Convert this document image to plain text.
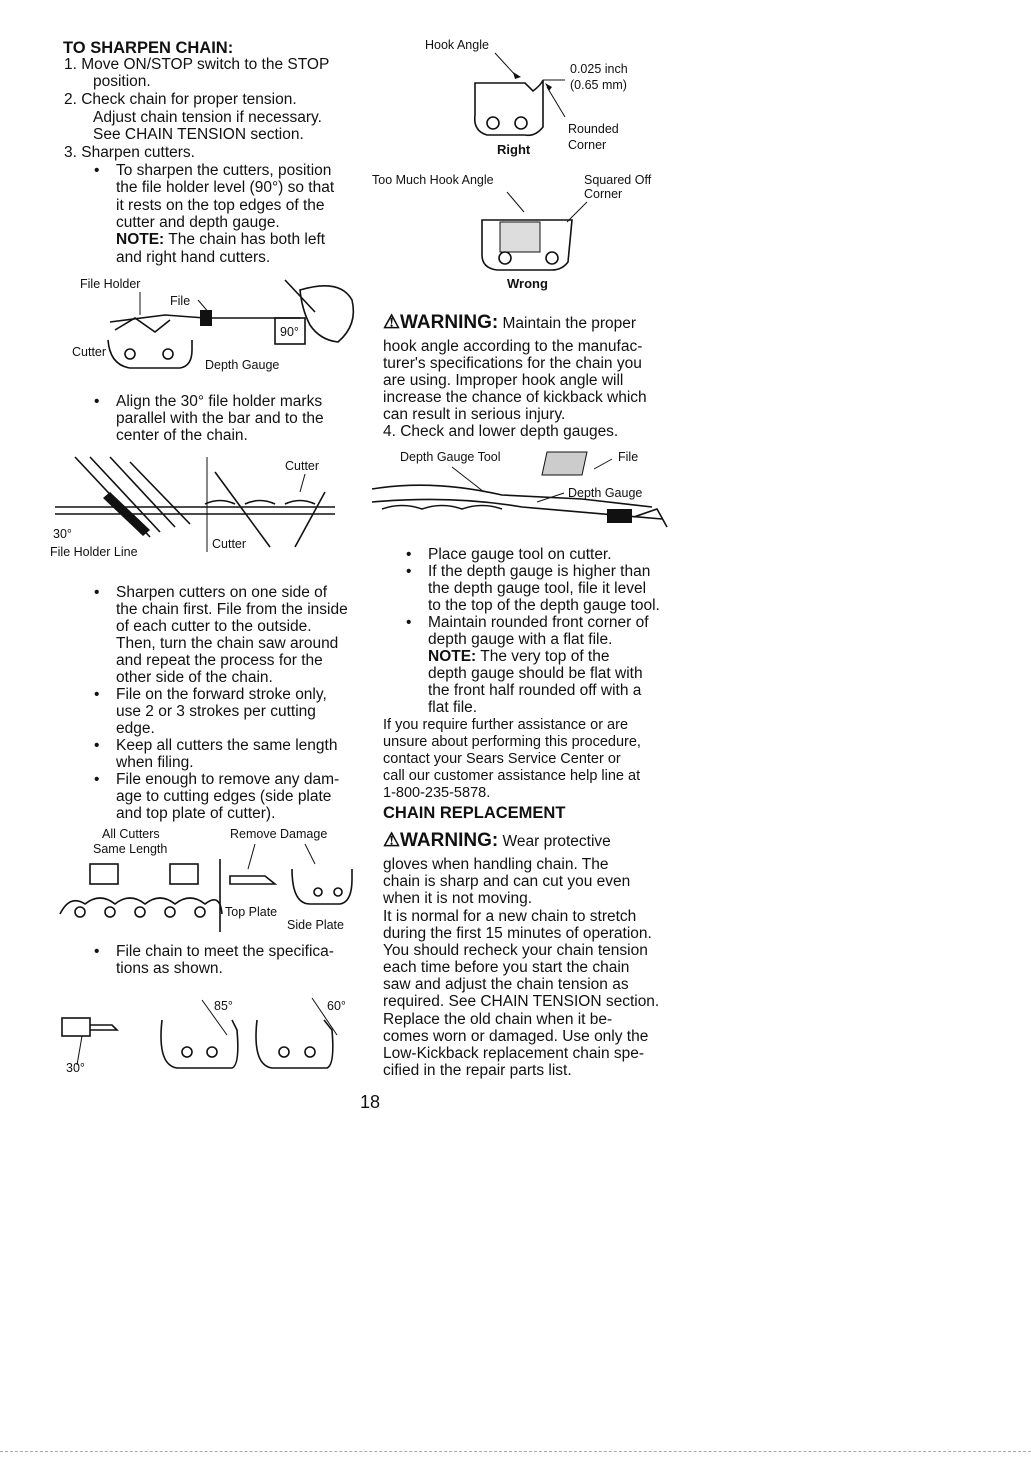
TO SHARPEN CHAIN:
1. Move ON/STOP switch to the STOP
position.
2. Check chain for proper tension.
Adjust chain tension if necessary.
See CHAIN TENSION section.
3. Sharpen cutters.
• To sharpen the cutters, position
the file holder level (90°) so that
it rests on the top edges of the
cutter and depth gauge.
NOTE: The chain has both left
and right hand cutters.
File Holder
File
Cutter
Depth Gauge
90°
• Align the 30° file holder marks
parallel with the bar and to the
center of the chain.
Cutter
30°
Cutter
File Holder Line
• Sharpen cutters on one side of
the chain first. File from the inside
of each cutter to the outside.
Then, turn the chain saw around
and repeat the process for the
other side of the chain.
• File on the forward stroke only,
use 2 or 3 strokes per cutting
edge.
• Keep all cutters the same length
when filing.
• File enough to remove any dam-
age to cutting edges (side plate
and top plate of cutter).
All Cutters
Same Length
Remove Damage
Top Plate
Side Plate
• File chain to meet the specifica-
tions as shown.
30°
85°	60°
Hook Angle
0.025 inch
(0.65 mm)
Rounded
Corner
Right
Too Much Hook Angle	Squared Off
Corner
Wrong
⚠WARNING: Maintain the proper
hook angle according to the manufac-
turer's specifications for the chain you
are using. Improper hook angle will
increase the chance of kickback which
can result in serious injury.
4. Check and lower depth gauges.
Depth Gauge Tool	File
Depth Gauge
• Place gauge tool on cutter.
• If the depth gauge is higher than
the depth gauge tool, file it level
to the top of the depth gauge tool.
• Maintain rounded front corner of
depth gauge with a flat file.
NOTE: The very top of the
depth gauge should be flat with
the front half rounded off with a
flat file.
If you require further assistance or are
unsure about performing this procedure,
contact your Sears Service Center or
call our customer assistance help line at
1-800-235-5878.
CHAIN REPLACEMENT
⚠WARNING: Wear protective
gloves when handling chain. The
chain is sharp and can cut you even
when it is not moving.
It is normal for a new chain to stretch
during the first 15 minutes of operation.
You should recheck your chain tension
each time before you start the chain
saw and adjust the chain tension as
required. See CHAIN TENSION section.
Replace the old chain when it be-
comes worn or damaged. Use only the
Low-Kickback replacement chain spe-
cified in the repair parts list.
18
